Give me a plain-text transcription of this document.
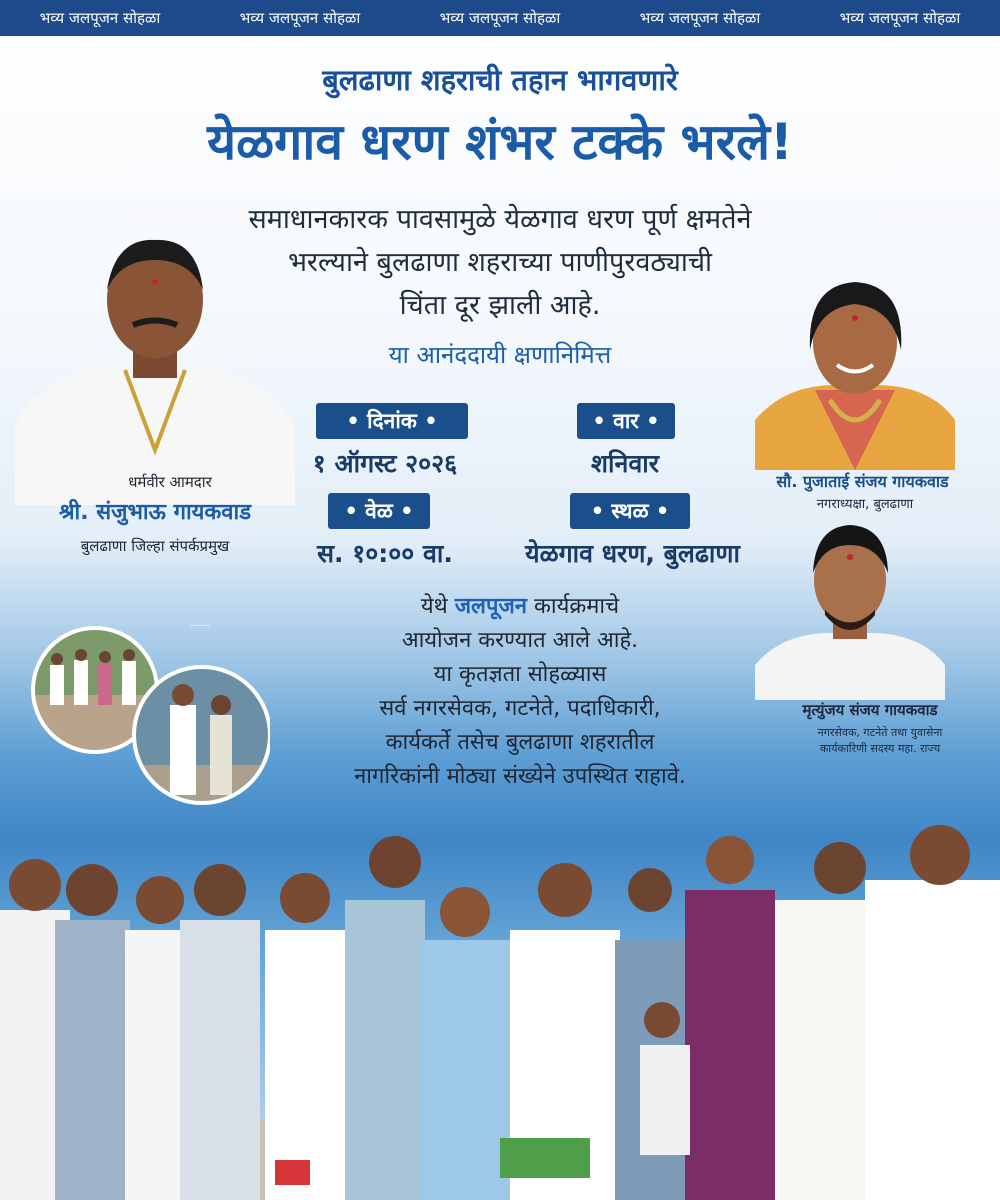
भव्य जलपूजन सोहळा	भव्य जलपूजन सोहळा	भव्य जलपूजन सोहळा	भव्य जलपूजन सोहळा	भव्य जलपूजन सोहळा
बुलढाणा शहराची तहान भागवणारे
येळगाव धरण शंभर टक्के भरले!
समाधानकारक पावसामुळे येळगाव धरण पूर्ण क्षमतेने
भरल्याने बुलढाणा शहराच्या पाणीपुरवठ्याची
चिंता दूर झाली आहे.
या आनंददायी क्षणानिमित्त
• दिनांक •
१ ऑगस्ट २०२६
• वार •
शनिवार
• वेळ •
स. १०:०० वा.
• स्थळ •
येळगाव धरण, बुलढाणा
येथे जलपूजन कार्यक्रमाचे
आयोजन करण्यात आले आहे.
या कृतज्ञता सोहळ्यास
सर्व नगरसेवक, गटनेते, पदाधिकारी,
कार्यकर्ते तसेच बुलढाणा शहरातील
नागरिकांनी मोठ्या संख्येने उपस्थित राहावे.
धर्मवीर आमदार
श्री. संजुभाऊ गायकवाड
बुलढाणा जिल्हा संपर्कप्रमुख
सौ. पुजाताई संजय गायकवाड
नगराध्यक्षा, बुलढाणा
मृत्युंजय संजय गायकवाड
नगरसेवक, गटनेते तथा युवासेना
कार्यकारिणी सदस्य महा. राज्य
